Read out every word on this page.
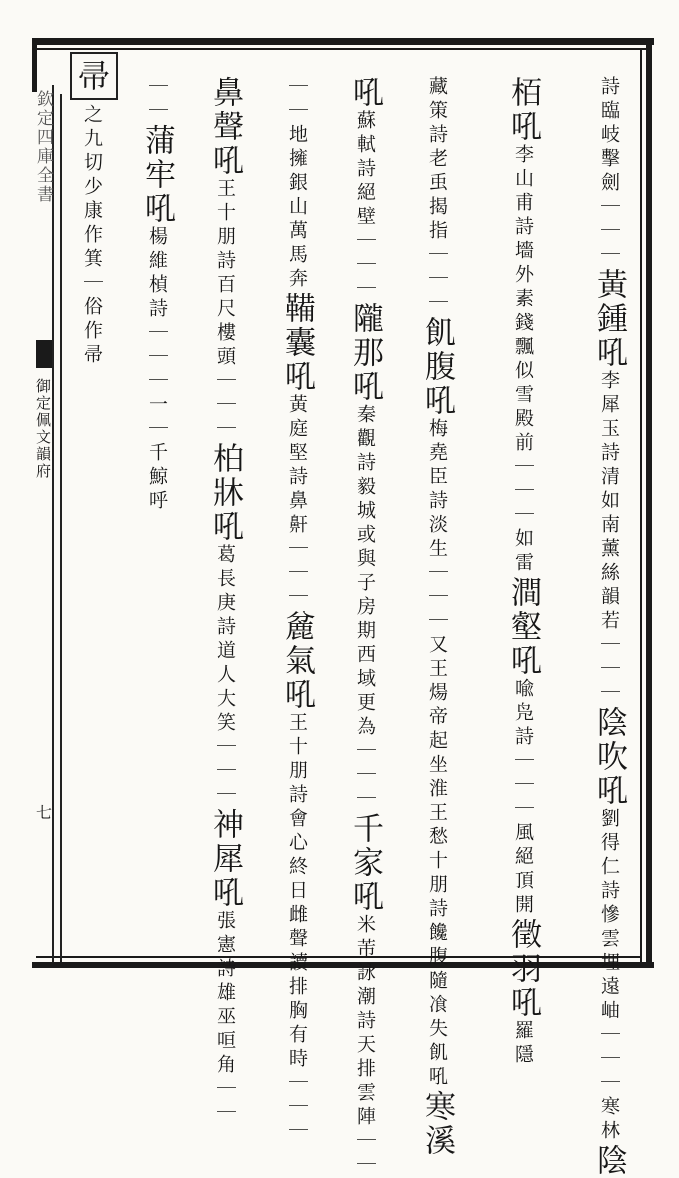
欽定四庫全書
御定佩文韻府
七
帚	詩臨岐擊劍｜｜｜黃鍾吼李犀玉詩清如南薰絲韻若｜｜｜陰吹吼劉得仁詩慘雲埋遠岫｜｜｜寒林陰
栢吼李山甫詩墻外素錢飄似雪殿前｜｜｜如雷澗壑吼喩凫詩｜｜｜風絕頂開徵羽吼羅隱
藏策詩老䖝揭指｜｜｜飢腹吼梅堯臣詩淡生｜｜｜又王煬帝起坐淮王愁十朋詩饞腹隨飡失飢吼寒溪
吼蘇軾詩絕壁｜｜｜隴那吼秦觀詩毅城或與子房期西域更為｜｜｜千家吼米芾詠潮詩天排雲陣｜｜
｜｜地擁銀山萬馬奔鞴囊吼黃庭堅詩鼻鼾｜｜｜麄氣吼王十朋詩會心終日雌聲讀排胸有時｜｜｜
鼻聲吼王十朋詩百尺樓頭｜｜｜柏牀吼葛長庚詩道人大笑｜｜｜神犀吼張憲詩雄巫咺角｜｜
｜｜蒲牢吼楊維楨詩｜｜｜一｜千鯨呼
之九切少康作箕｜俗作帚
